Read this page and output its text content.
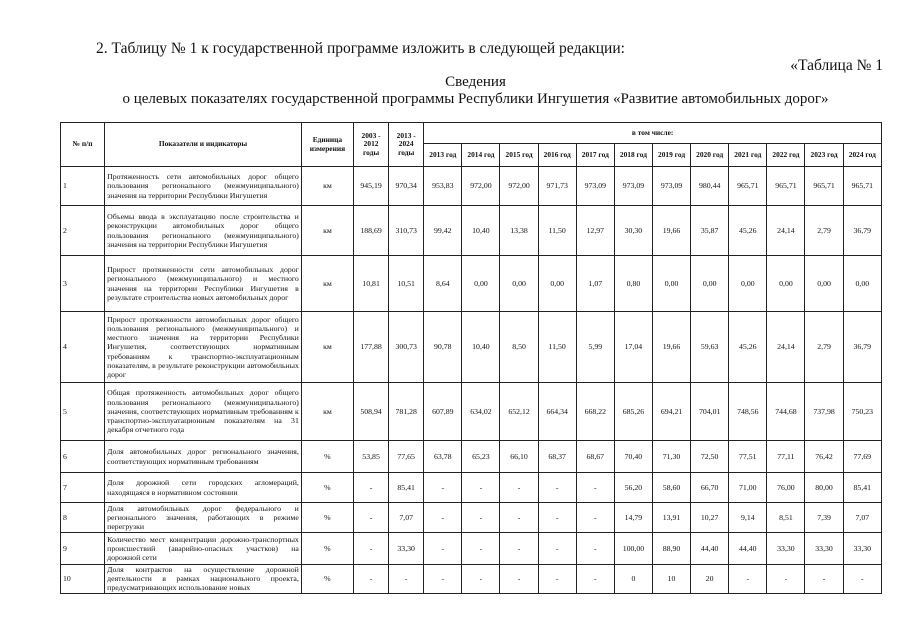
2. Таблицу № 1 к государственной программе изложить в следующей редакции:
«Таблица № 1
Сведения
о целевых показателях государственной программы Республики Ингушетия «Развитие автомобильных дорог»
№ п/п	Показатели и индикаторы	Единица измерения	2003 - 2012 годы	2013 - 2024 годы	в том числе:											
					2013 год	2014 год	2015 год	2016 год	2017 год	2018 год	2019 год	2020 год	2021 год	2022 год	2023 год	2024 год
1	Протяженность сети автомобильных дорог общего пользования регионального (межмуниципального) значения на территории Республики Ингушетия	км	945,19	970,34	953,83	972,00	972,00	971,73	973,09	973,09	973,09	980,44	965,71	965,71	965,71	965,71
2	Объемы ввода в эксплуатацию после строительства и реконструкции автомобильных дорог общего пользования регионального (межмуниципального) значения на территории Республики Ингушетия	км	188,69	310,73	99,42	10,40	13,38	11,50	12,97	30,30	19,66	35,87	45,26	24,14	2,79	36,79
3	Прирост протяженности сети автомобильных дорог регионального (межмуниципального) и местного значения на территории Республики Ингушетия в результате строительства новых автомобильных дорог	км	10,81	10,51	8,64	0,00	0,00	0,00	1,07	0,80	0,00	0,00	0,00	0,00	0,00	0,00
4	Прирост протяженности автомобильных дорог общего пользования регионального (межмуниципального) и местного значения на территории Республики Ингушетия, соответствующих нормативным требованиям к транспортно-эксплуатационным показателям, в результате реконструкции автомобильных дорог	км	177,88	300,73	90,78	10,40	8,50	11,50	5,99	17,04	19,66	59,63	45,26	24,14	2,79	36,79
5	Общая протяженность автомобильных дорог общего пользования регионального (межмуниципального) значения, соответствующих нормативным требованиям к транспортно-эксплуатационным показателям на 31 декабря отчетного года	км	508,94	781,28	607,89	634,02	652,12	664,34	668,22	685,26	694,21	704,01	748,56	744,68	737,98	750,23
6	Доля автомобильных дорог регионального значения, соответствующих нормативным требованиям	%	53,85	77,65	63,78	65,23	66,10	68,37	68,67	70,40	71,30	72,50	77,51	77,11	76,42	77,69
7	Доля дорожной сети городских агломераций, находящаяся в нормативном состоянии	%	-	85,41	-	-	-	-	-	56,20	58,60	66,70	71,00	76,00	80,00	85,41
8	Доля автомобильных дорог федерального и регионального значения, работающих в режиме перегрузки	%	-	7,07	-	-	-	-	-	14,79	13,91	10,27	9,14	8,51	7,39	7,07
9	Количество мест концентрации дорожно-транспортных происшествий (аварийно-опасных участков) на дорожной сети	%	-	33,30	-	-	-	-	-	100,00	88,90	44,40	44,40	33,30	33,30	33,30
10	Доля контрактов на осуществление дорожной деятельности в рамках национального проекта, предусматривающих использование новых	%	-	-	-	-	-	-	-	0	10	20	-	-	-	-
